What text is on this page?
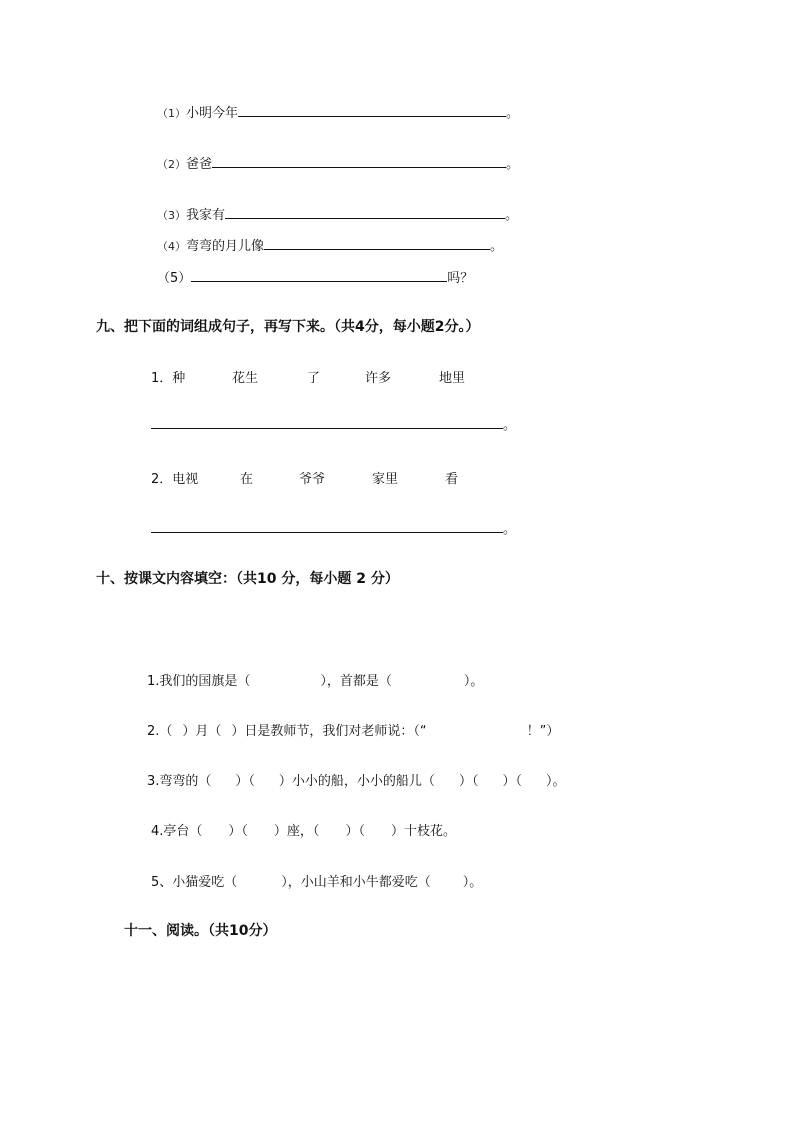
（1）小明今年	。
（2）爸爸	。
（3）我家有	。
（4）弯弯的月儿像	。
（5）	吗？
九、把下面的词组成句子，再写下来。（共4分，每小题2分。）
1．种	花生	了	许多	地里
。
2．电视	在	爷爷	家里	看
。
十、按课文内容填空：（共10 分，每小题 2 分）
1.我们的国旗是（	），首都是（	）。
2.（ ）月（ ）日是教师节，我们对老师说：（“	！”）
3.弯弯的（ ）（ ）小小的船，小小的船儿（ ）（ ）（ ）。
4.亭台（ ）（ ）座，（ ）（ ）十枝花。
5、小猫爱吃（	），小山羊和小牛都爱吃（ ）。
十一、阅读。（共10分）
